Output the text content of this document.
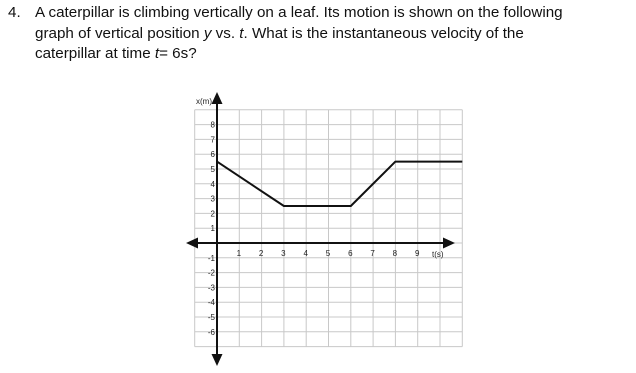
4. A caterpillar is climbing vertically on a leaf. Its motion is shown on the following
graph of vertical position y vs. t. What is the instantaneous velocity of the
caterpillar at time t= 6s?
1 2 3 4 5 6 7 8 9
8
7
6
5
4
3
2
1
-1
-2
-3
-4
-5
-6
t(s)
x(m)
